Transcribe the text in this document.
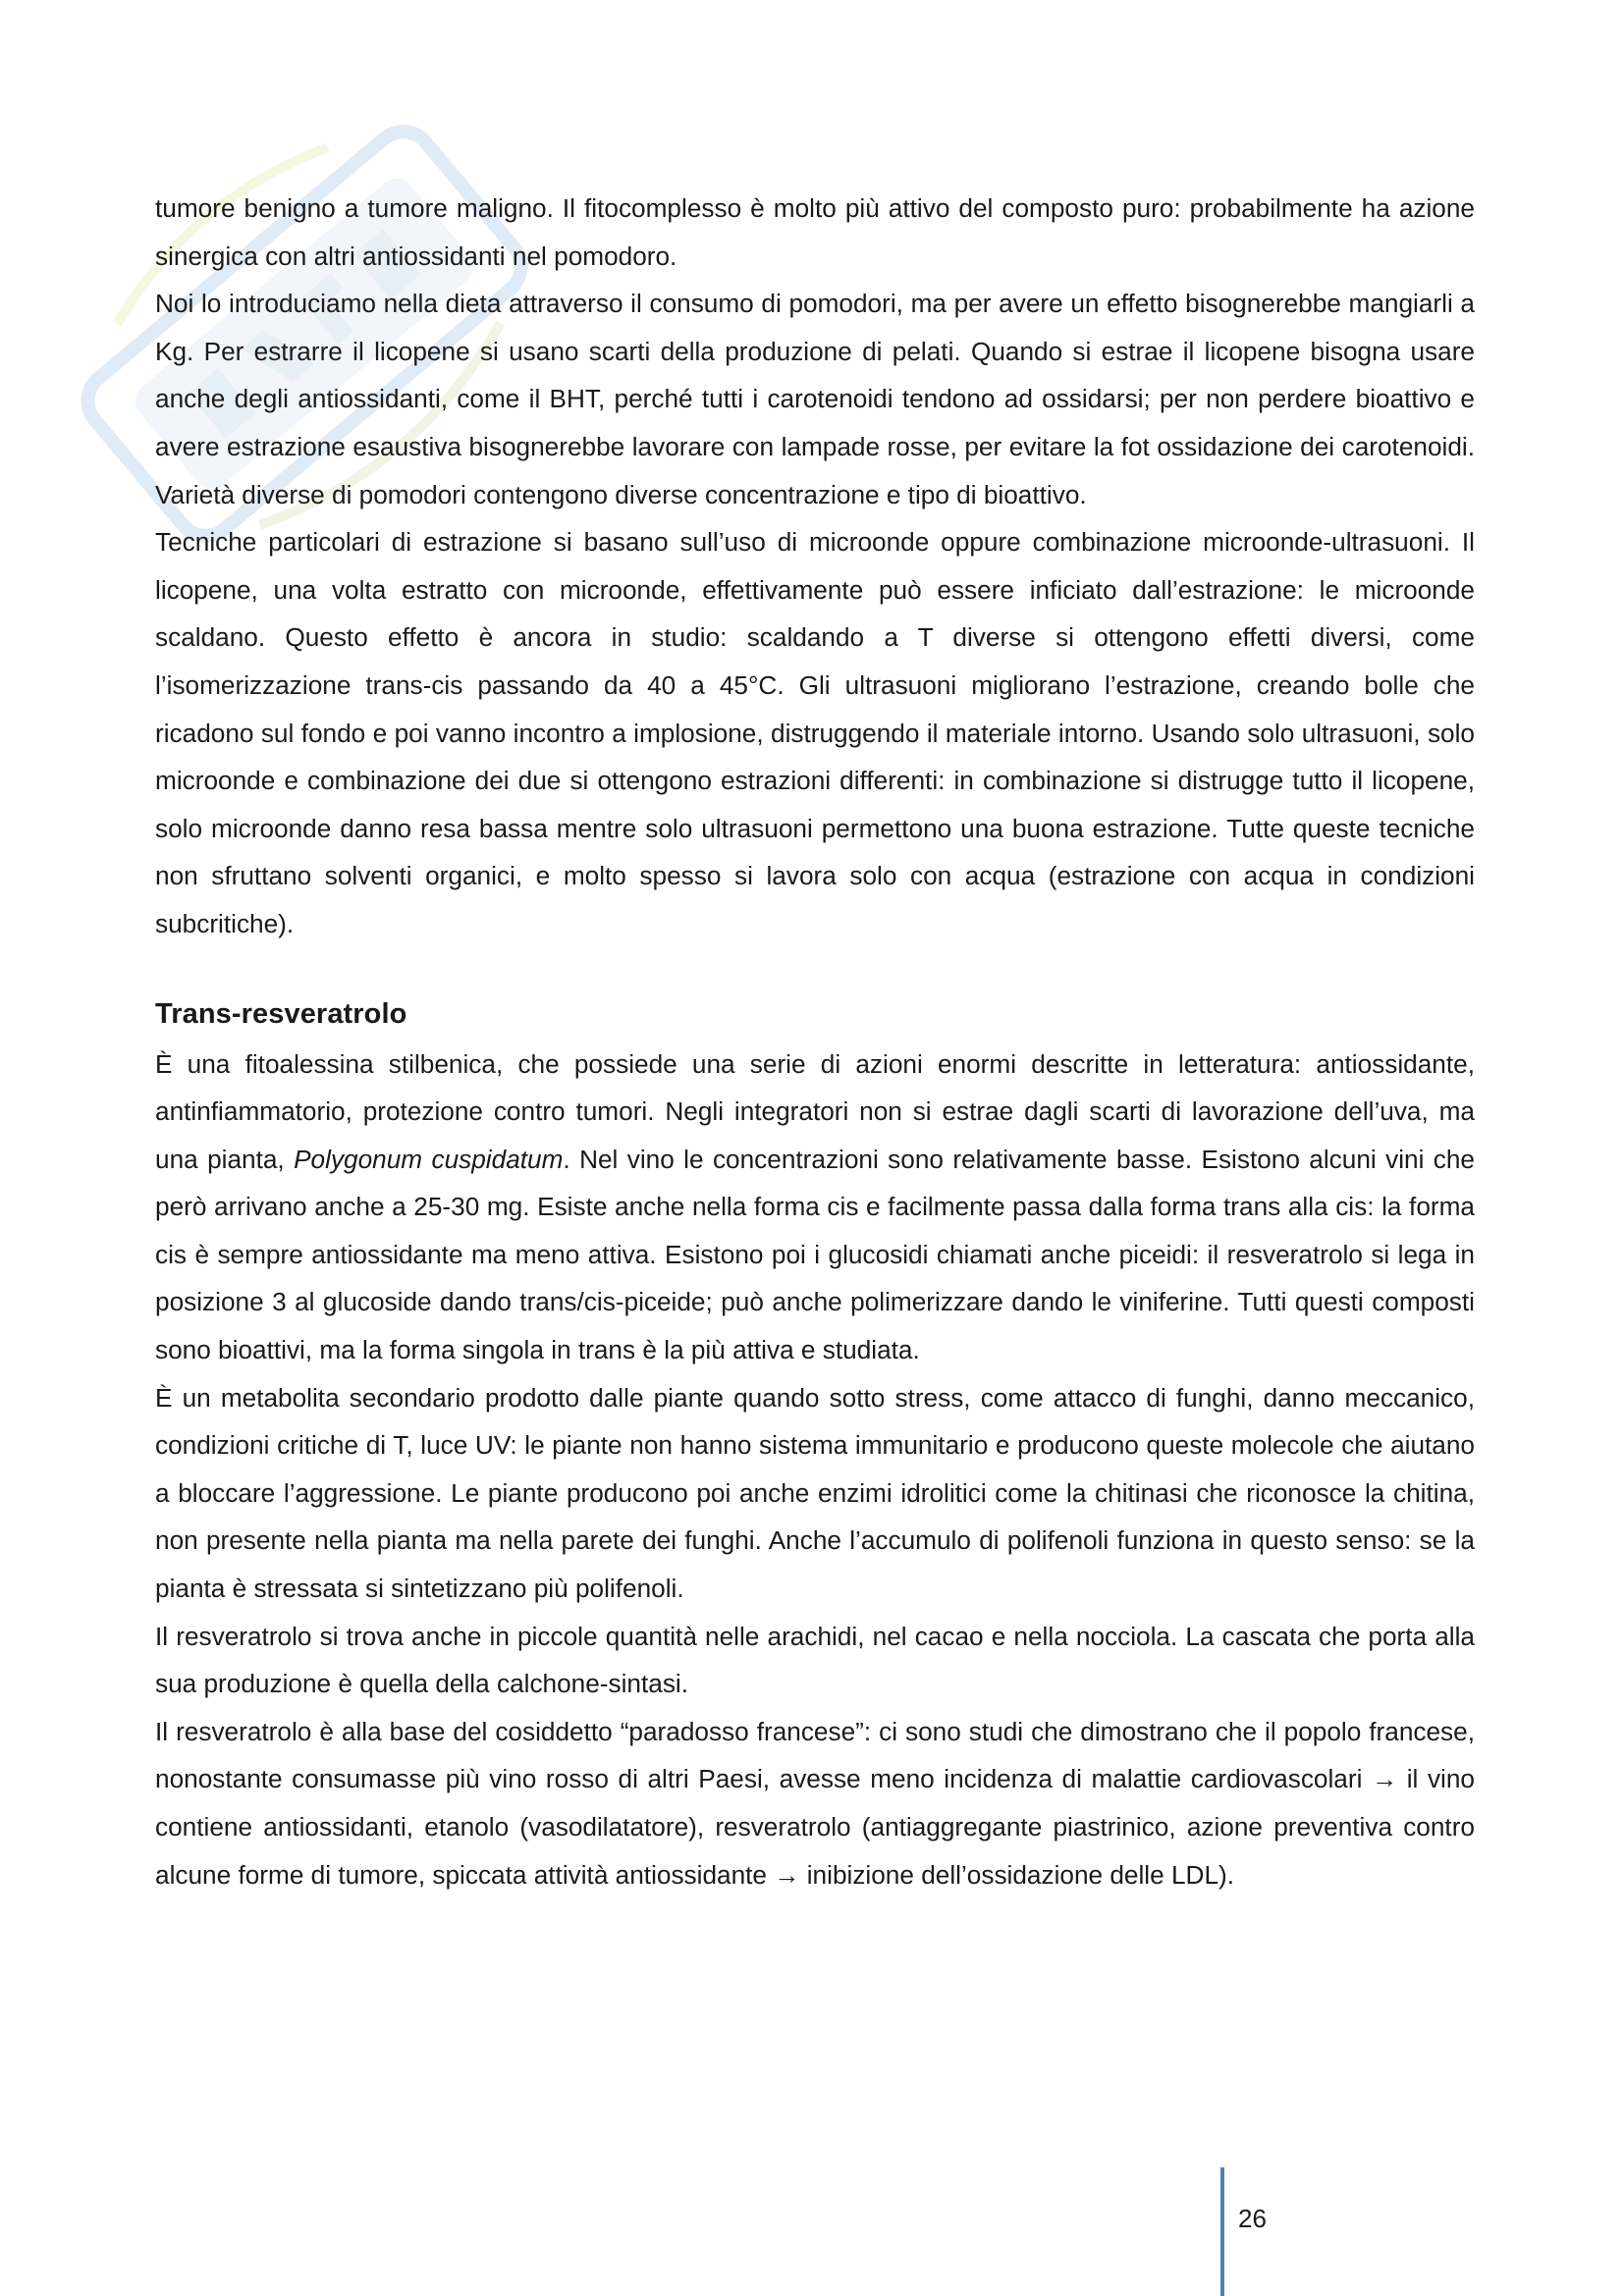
tumore benigno a tumore maligno. Il fitocomplesso è molto più attivo del composto puro: probabilmente ha azione sinergica con altri antiossidanti nel pomodoro.

Noi lo introduciamo nella dieta attraverso il consumo di pomodori, ma per avere un effetto bisognerebbe mangiarli a Kg. Per estrarre il licopene si usano scarti della produzione di pelati. Quando si estrae il licopene bisogna usare anche degli antiossidanti, come il BHT, perché tutti i carotenoidi tendono ad ossidarsi; per non perdere bioattivo e avere estrazione esaustiva bisognerebbe lavorare con lampade rosse, per evitare la fot ossidazione dei carotenoidi. Varietà diverse di pomodori contengono diverse concentrazione e tipo di bioattivo.

Tecniche particolari di estrazione si basano sull’uso di microonde oppure combinazione microonde-ultrasuoni. Il licopene, una volta estratto con microonde, effettivamente può essere inficiato dall’estrazione: le microonde scaldano. Questo effetto è ancora in studio: scaldando a T diverse si ottengono effetti diversi, come l’isomerizzazione trans-cis passando da 40 a 45°C. Gli ultrasuoni migliorano l’estrazione, creando bolle che ricadono sul fondo e poi vanno incontro a implosione, distruggendo il materiale intorno. Usando solo ultrasuoni, solo microonde e combinazione dei due si ottengono estrazioni differenti: in combinazione si distrugge tutto il licopene, solo microonde danno resa bassa mentre solo ultrasuoni permettono una buona estrazione. Tutte queste tecniche non sfruttano solventi organici, e molto spesso si lavora solo con acqua (estrazione con acqua in condizioni subcritiche).

Trans-resveratrolo

È una fitoalessina stilbenica, che possiede una serie di azioni enormi descritte in letteratura: antiossidante, antinfiammatorio, protezione contro tumori. Negli integratori non si estrae dagli scarti di lavorazione dell’uva, ma una pianta, Polygonum cuspidatum. Nel vino le concentrazioni sono relativamente basse. Esistono alcuni vini che però arrivano anche a 25-30 mg. Esiste anche nella forma cis e facilmente passa dalla forma trans alla cis: la forma cis è sempre antiossidante ma meno attiva. Esistono poi i glucosidi chiamati anche piceidi: il resveratrolo si lega in posizione 3 al glucoside dando trans/cis-piceide; può anche polimerizzare dando le viniferine. Tutti questi composti sono bioattivi, ma la forma singola in trans è la più attiva e studiata.

È un metabolita secondario prodotto dalle piante quando sotto stress, come attacco di funghi, danno meccanico, condizioni critiche di T, luce UV: le piante non hanno sistema immunitario e producono queste molecole che aiutano a bloccare l’aggressione. Le piante producono poi anche enzimi idrolitici come la chitinasi che riconosce la chitina, non presente nella pianta ma nella parete dei funghi. Anche l’accumulo di polifenoli funziona in questo senso: se la pianta è stressata si sintetizzano più polifenoli.

Il resveratrolo si trova anche in piccole quantità nelle arachidi, nel cacao e nella nocciola. La cascata che porta alla sua produzione è quella della calchone-sintasi.

Il resveratrolo è alla base del cosiddetto “paradosso francese”: ci sono studi che dimostrano che il popolo francese, nonostante consumasse più vino rosso di altri Paesi, avesse meno incidenza di malattie cardiovascolari → il vino contiene antiossidanti, etanolo (vasodilatatore), resveratrolo (antiaggregante piastrinico, azione preventiva contro alcune forme di tumore, spiccata attività antiossidante → inibizione dell’ossidazione delle LDL).

26
